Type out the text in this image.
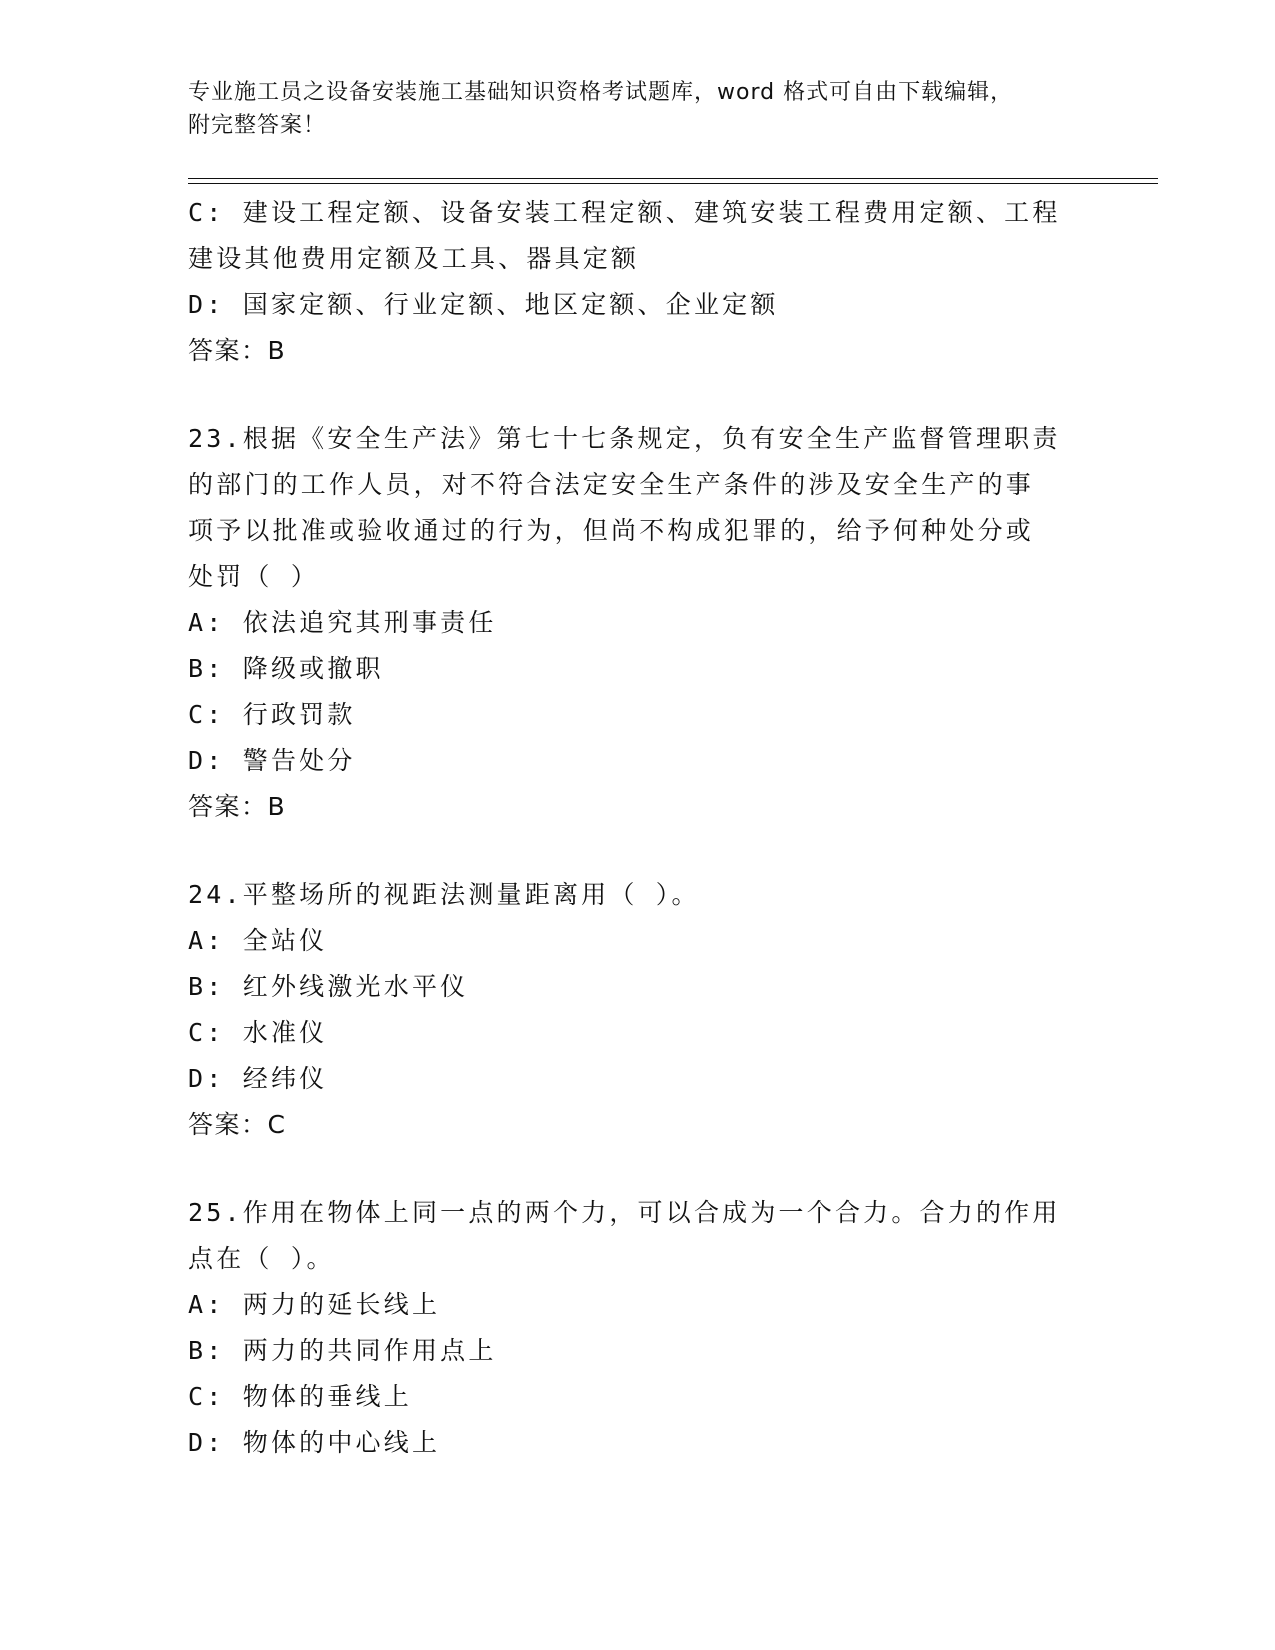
专业施工员之设备安装施工基础知识资格考试题库，word 格式可自由下载编辑，
附完整答案！
C: 建设工程定额、设备安装工程定额、建筑安装工程费用定额、工程
建设其他费用定额及工具、器具定额
D: 国家定额、行业定额、地区定额、企业定额
答案：B
23.根据《安全生产法》第七十七条规定，负有安全生产监督管理职责
的部门的工作人员，对不符合法定安全生产条件的涉及安全生产的事
项予以批准或验收通过的行为，但尚不构成犯罪的，给予何种处分或
处罚（ ）
A: 依法追究其刑事责任
B: 降级或撤职
C: 行政罚款
D: 警告处分
答案：B
24.平整场所的视距法测量距离用（ ）。
A: 全站仪
B: 红外线激光水平仪
C: 水准仪
D: 经纬仪
答案：C
25.作用在物体上同一点的两个力，可以合成为一个合力。合力的作用
点在（ ）。
A: 两力的延长线上
B: 两力的共同作用点上
C: 物体的垂线上
D: 物体的中心线上
